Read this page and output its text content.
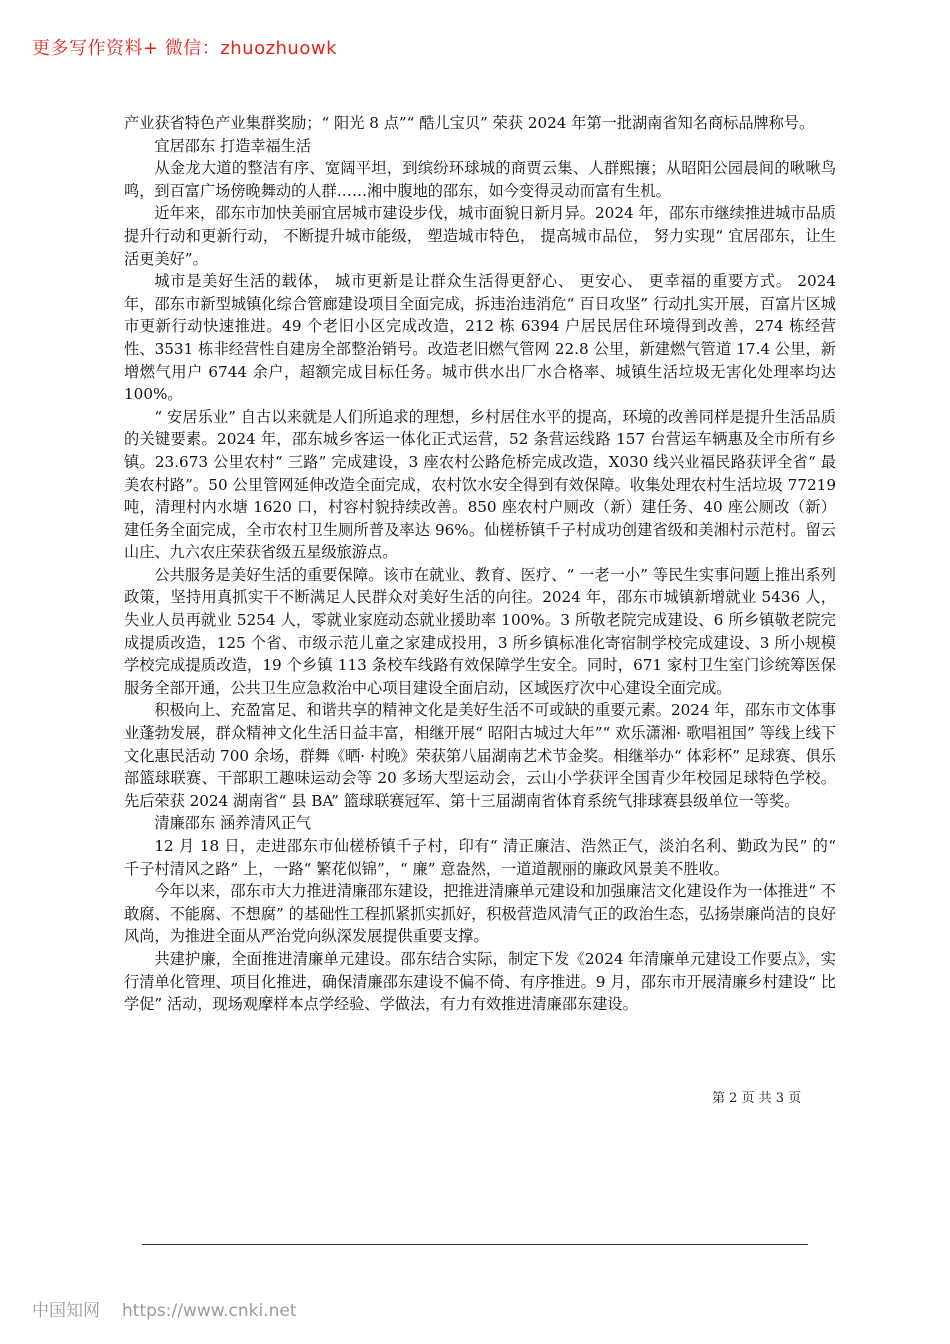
更多写作资料+ 微信：zhuozhuowk

产业获省特色产业集群奖励；“ 阳光 8 点”“ 酷儿宝贝” 荣获 2024 年第一批湖南省知名商标品牌称号。

宜居邵东 打造幸福生活

从金龙大道的整洁有序、宽阔平坦，到缤纷环球城的商贾云集、人群熙攘；从昭阳公园晨间的啾啾鸟鸣，到百富广场傍晚舞动的人群……湘中腹地的邵东，如今变得灵动而富有生机。

近年来，邵东市加快美丽宜居城市建设步伐，城市面貌日新月异。2024 年，邵东市继续推进城市品质提升行动和更新行动， 不断提升城市能级， 塑造城市特色， 提高城市品位， 努力实现“ 宜居邵东，让生活更美好”。

城市是美好生活的载体， 城市更新是让群众生活得更舒心、 更安心、 更幸福的重要方式。 2024 年，邵东市新型城镇化综合管廊建设项目全面完成，拆违治违消危“ 百日攻坚” 行动扎实开展，百富片区城市更新行动快速推进。49 个老旧小区完成改造，212 栋 6394 户居民居住环境得到改善，274 栋经营性、3531 栋非经营性自建房全部整治销号。改造老旧燃气管网 22.8 公里，新建燃气管道 17.4 公里，新增燃气用户 6744 余户，超额完成目标任务。城市供水出厂水合格率、城镇生活垃圾无害化处理率均达 100%。

“ 安居乐业” 自古以来就是人们所追求的理想，乡村居住水平的提高，环境的改善同样是提升生活品质的关键要素。2024 年，邵东城乡客运一体化正式运营，52 条营运线路 157 台营运车辆惠及全市所有乡镇。23.673 公里农村“ 三路” 完成建设，3 座农村公路危桥完成改造，X030 线兴业福民路获评全省“ 最美农村路”。50 公里管网延伸改造全面完成，农村饮水安全得到有效保障。收集处理农村生活垃圾 77219 吨，清理村内水塘 1620 口，村容村貌持续改善。850 座农村户厕改（新）建任务、40 座公厕改（新）建任务全面完成，全市农村卫生厕所普及率达 96%。仙槎桥镇千子村成功创建省级和美湘村示范村。留云山庄、九六农庄荣获省级五星级旅游点。

公共服务是美好生活的重要保障。该市在就业、教育、医疗、“ 一老一小” 等民生实事问题上推出系列政策，坚持用真抓实干不断满足人民群众对美好生活的向往。2024 年，邵东市城镇新增就业 5436 人，失业人员再就业 5254 人，零就业家庭动态就业援助率 100%。3 所敬老院完成建设、6 所乡镇敬老院完成提质改造，125 个省、市级示范儿童之家建成投用，3 所乡镇标准化寄宿制学校完成建设、3 所小规模学校完成提质改造，19 个乡镇 113 条校车线路有效保障学生安全。同时，671 家村卫生室门诊统筹医保服务全部开通，公共卫生应急救治中心项目建设全面启动，区域医疗次中心建设全面完成。

积极向上、充盈富足、和谐共享的精神文化是美好生活不可或缺的重要元素。2024 年，邵东市文体事业蓬勃发展，群众精神文化生活日益丰富，相继开展“ 昭阳古城过大年”“ 欢乐潇湘· 歌唱祖国” 等线上线下文化惠民活动 700 余场，群舞《晒· 村晚》荣获第八届湖南艺术节金奖。相继举办“ 体彩杯” 足球赛、俱乐部篮球联赛、干部职工趣味运动会等 20 多场大型运动会，云山小学获评全国青少年校园足球特色学校。先后荣获 2024 湖南省“ 县 BA” 篮球联赛冠军、第十三届湖南省体育系统气排球赛县级单位一等奖。

清廉邵东 涵养清风正气

12 月 18 日，走进邵东市仙槎桥镇千子村，印有“ 清正廉洁、浩然正气，淡泊名利、勤政为民” 的“ 千子村清风之路” 上，一路“ 繁花似锦”，“ 廉” 意盎然，一道道靓丽的廉政风景美不胜收。

今年以来，邵东市大力推进清廉邵东建设，把推进清廉单元建设和加强廉洁文化建设作为一体推进“ 不敢腐、不能腐、不想腐” 的基础性工程抓紧抓实抓好，积极营造风清气正的政治生态，弘扬崇廉尚洁的良好风尚，为推进全面从严治党向纵深发展提供重要支撑。

共建护廉，全面推进清廉单元建设。邵东结合实际，制定下发《2024 年清廉单元建设工作要点》，实行清单化管理、项目化推进，确保清廉邵东建设不偏不倚、有序推进。9 月，邵东市开展清廉乡村建设“ 比学促” 活动，现场观摩样本点学经验、学做法，有力有效推进清廉邵东建设。

第 2 页 共 3 页
中国知网 https://www.cnki.net
